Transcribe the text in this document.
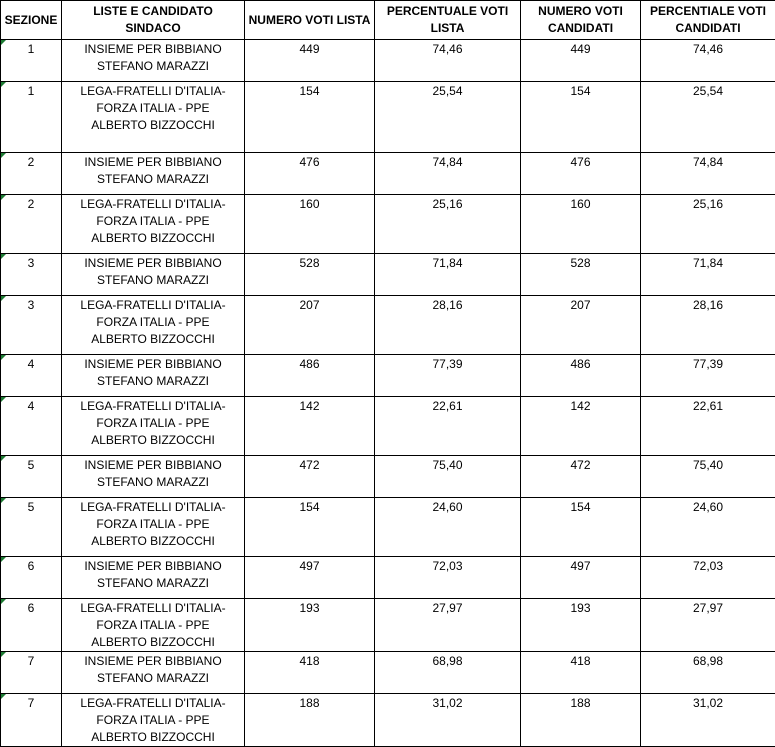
SEZIONE	LISTE E CANDIDATO SINDACO	NUMERO VOTI LISTA	PERCENTUALE VOTI LISTA	NUMERO VOTI CANDIDATI	PERCENTIALE VOTI CANDIDATI
1	INSIEME PER BIBBIANO
STEFANO MARAZZI	449	74,46	449	74,46
1	LEGA-FRATELLI D'ITALIA-FORZA ITALIA - PPE
ALBERTO BIZZOCCHI	154	25,54	154	25,54
2	INSIEME PER BIBBIANO
STEFANO MARAZZI	476	74,84	476	74,84
2	LEGA-FRATELLI D'ITALIA-FORZA ITALIA - PPE
ALBERTO BIZZOCCHI	160	25,16	160	25,16
3	INSIEME PER BIBBIANO
STEFANO MARAZZI	528	71,84	528	71,84
3	LEGA-FRATELLI D'ITALIA-FORZA ITALIA - PPE
ALBERTO BIZZOCCHI	207	28,16	207	28,16
4	INSIEME PER BIBBIANO
STEFANO MARAZZI	486	77,39	486	77,39
4	LEGA-FRATELLI D'ITALIA-FORZA ITALIA - PPE
ALBERTO BIZZOCCHI	142	22,61	142	22,61
5	INSIEME PER BIBBIANO
STEFANO MARAZZI	472	75,40	472	75,40
5	LEGA-FRATELLI D'ITALIA-FORZA ITALIA - PPE
ALBERTO BIZZOCCHI	154	24,60	154	24,60
6	INSIEME PER BIBBIANO
STEFANO MARAZZI	497	72,03	497	72,03
6	LEGA-FRATELLI D'ITALIA-FORZA ITALIA - PPE
ALBERTO BIZZOCCHI	193	27,97	193	27,97
7	INSIEME PER BIBBIANO
STEFANO MARAZZI	418	68,98	418	68,98
7	LEGA-FRATELLI D'ITALIA-FORZA ITALIA - PPE
ALBERTO BIZZOCCHI	188	31,02	188	31,02
